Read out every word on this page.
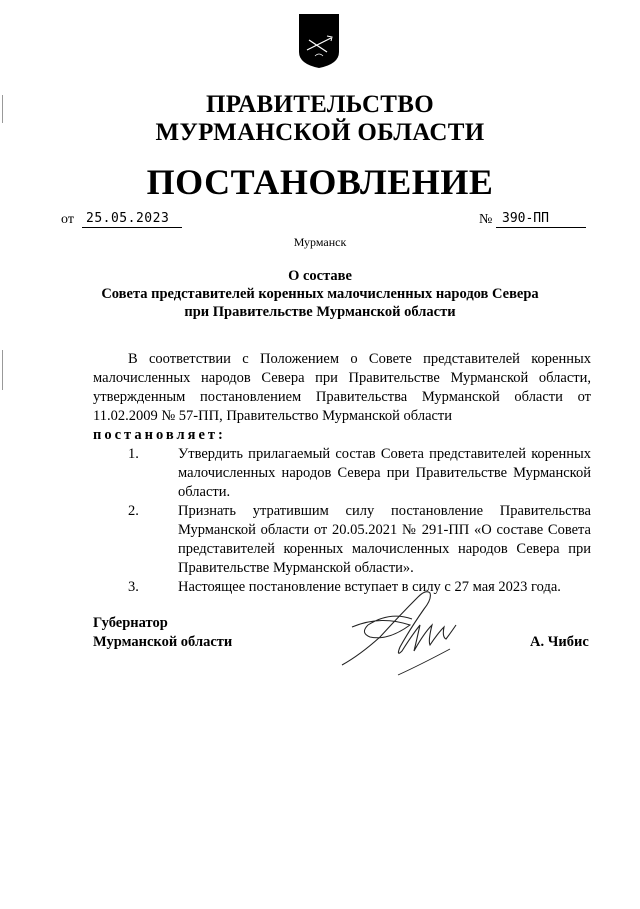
ПРАВИТЕЛЬСТВО
МУРМАНСКОЙ ОБЛАСТИ
ПОСТАНОВЛЕНИЕ
от 25.05.2023	№ 390-ПП
Мурманск
О составе
Совета представителей коренных малочисленных народов Севера
при Правительстве Мурманской области

В соответствии с Положением о Совете представителей коренных малочисленных народов Севера при Правительстве Мурманской области, утвержденным постановлением Правительства Мурманской области от 11.02.2009 № 57-ПП, Правительство Мурманской области

постановляет:

1.	Утвердить прилагаемый состав Совета представителей коренных малочисленных народов Севера при Правительстве Мурманской области.

2.	Признать утратившим силу постановление Правительства Мурманской области от 20.05.2021 № 291-ПП «О составе Совета представителей коренных малочисленных народов Севера при Правительстве Мурманской области».

3.	Настоящее постановление вступает в силу с 27 мая 2023 года.

Губернатор
Мурманской области	А. Чибис
